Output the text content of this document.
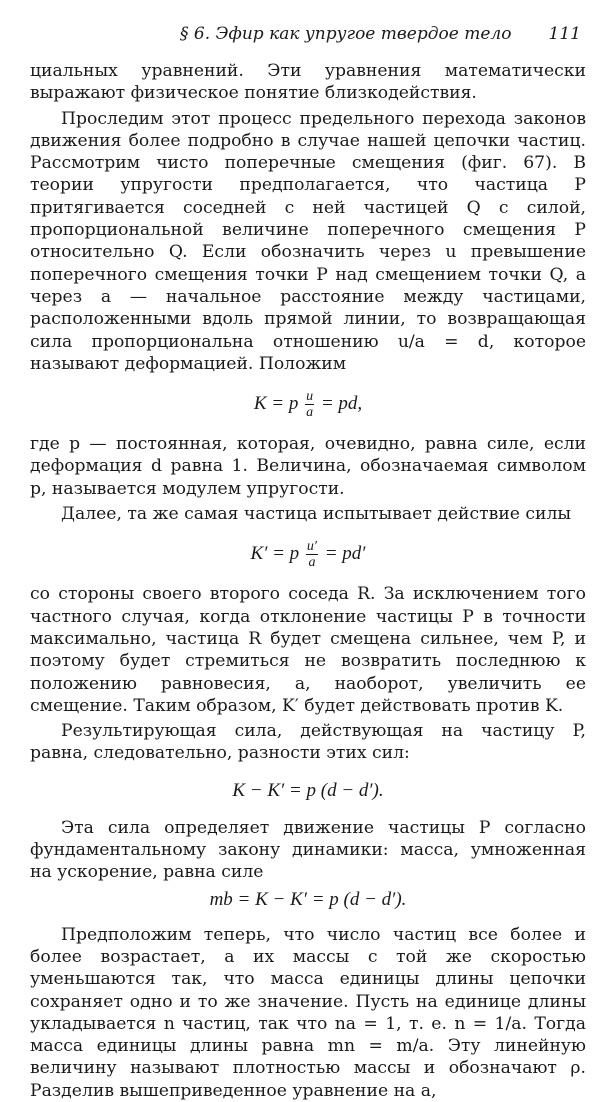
§ 6. Эфир как упругое твердое тело 111

циальных уравнений. Эти уравнения математически выражают физическое понятие близкодействия.

Проследим этот процесс предельного перехода законов движения более подробно в случае нашей цепочки частиц. Рассмотрим чисто поперечные смещения (фиг. 67). В теории упругости предполагается, что частица P притягивается соседней с ней частицей Q с силой, пропорциональной величине поперечного смещения P относительно Q. Если обозначить через u превышение поперечного смещения точки P над смещением точки Q, а через a — начальное расстояние между частицами, расположенными вдоль прямой линии, то возвращающая сила пропорциональна отношению u/a = d, которое называют деформацией. Положим

K = p $\frac{u}{a}$ = pd,

где p — постоянная, которая, очевидно, равна силе, если деформация d равна 1. Величина, обозначаемая символом p, называется модулем упругости.

Далее, та же самая частица испытывает действие силы

K′ = p $\frac{u'}{a} = pd'$

со стороны своего второго соседа R. За исключением того частного случая, когда отклонение частицы P в точности максимально, частица R будет смещена сильнее, чем P, и поэтому будет стремиться не возвратить последнюю к положению равновесия, а, наоборот, увеличить ее смещение. Таким образом, K′ будет действовать против K.

Результирующая сила, действующая на частицу P, равна, следовательно, разности этих сил:

K − K′ = p (d − d′).

Эта сила определяет движение частицы P согласно фундаментальному закону динамики: масса, умноженная на ускорение, равна силе

mb = K − K′ = p (d − d′).

Предположим теперь, что число частиц все более и более возрастает, а их массы с той же скоростью уменьшаются так, что масса единицы длины цепочки сохраняет одно и то же значение. Пусть на единице длины укладывается n частиц, так что na = 1, т. е. n = 1/a. Тогда масса единицы длины равна mn = m/a. Эту линейную величину называют плотностью массы и обозначают ρ. Разделив вышеприведенное уравнение на a,
